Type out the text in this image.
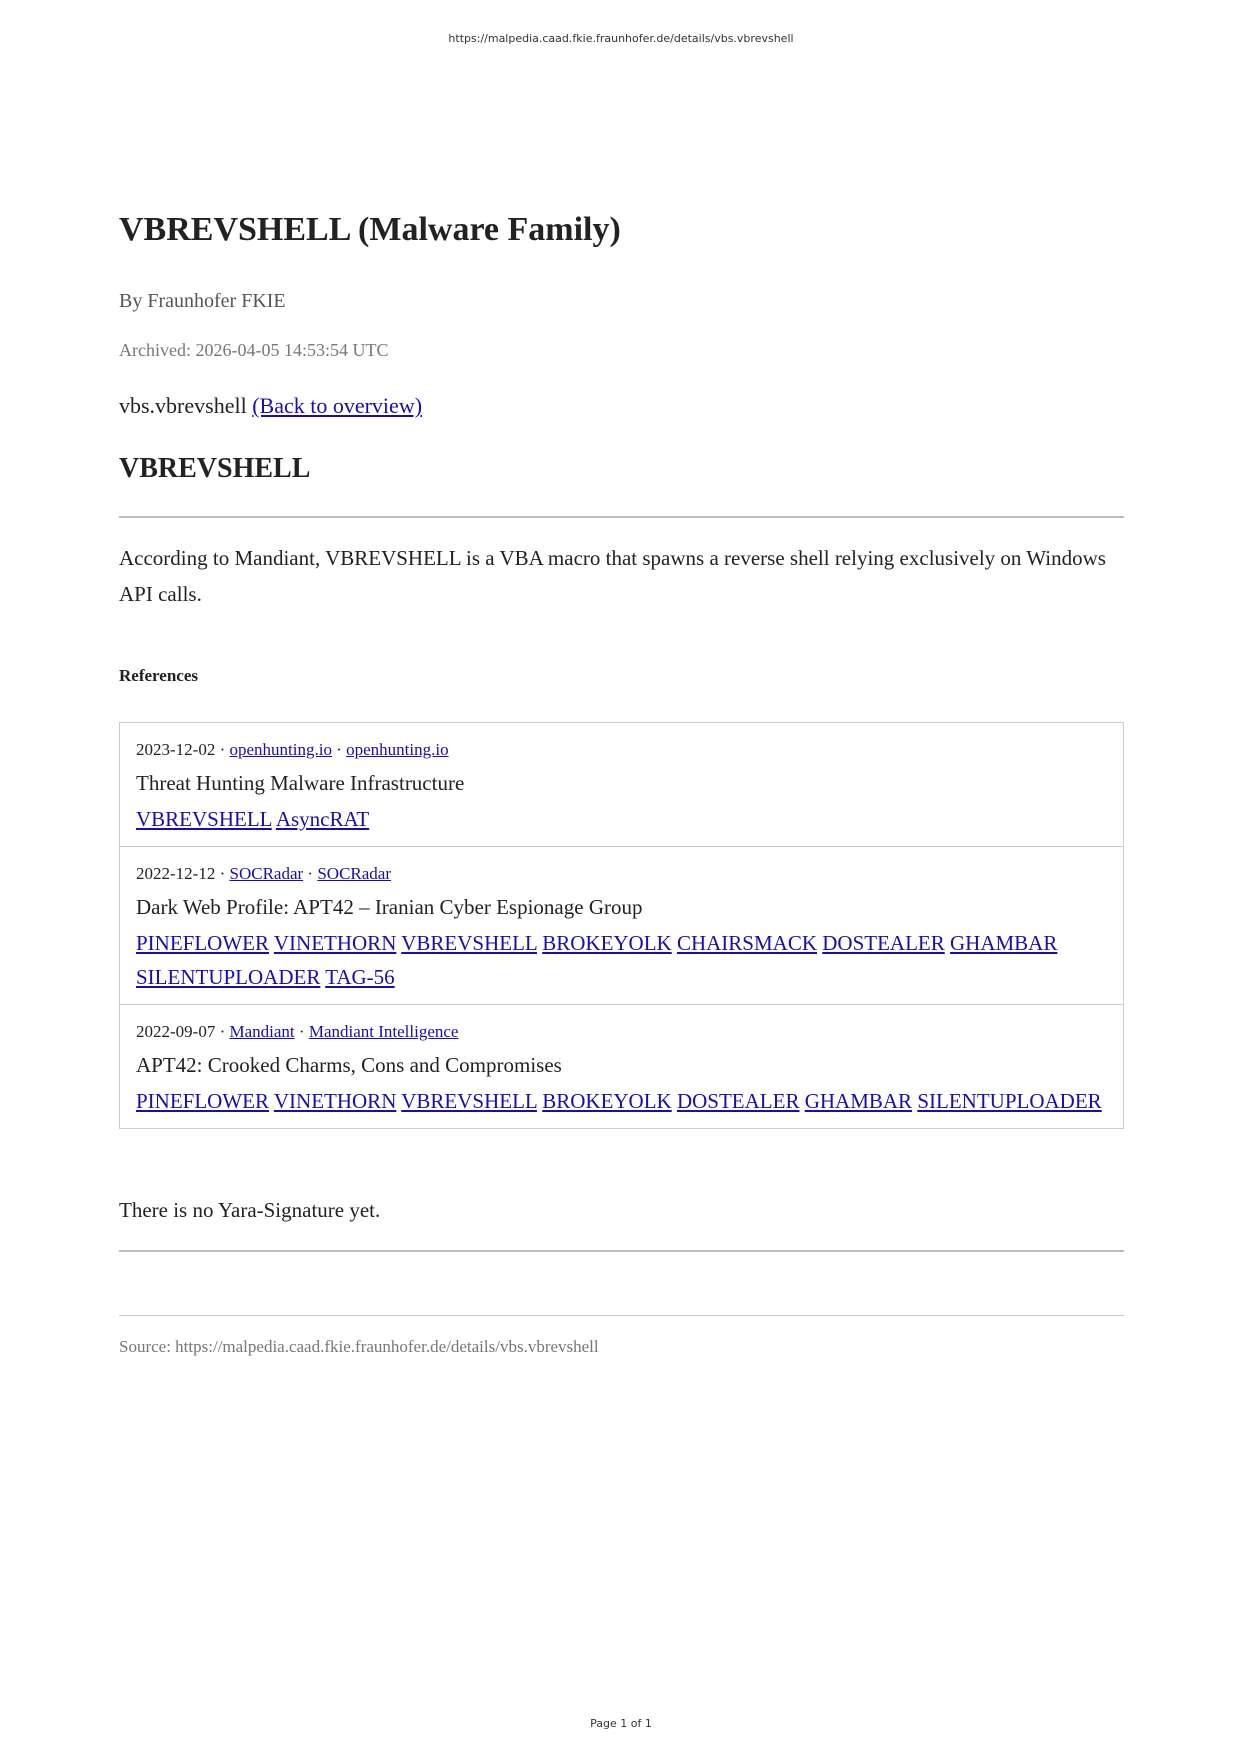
https://malpedia.caad.fkie.fraunhofer.de/details/vbs.vbrevshell
VBREVSHELL (Malware Family)
By Fraunhofer FKIE
Archived: 2026-04-05 14:53:54 UTC
vbs.vbrevshell (Back to overview)
VBREVSHELL
According to Mandiant, VBREVSHELL is a VBA macro that spawns a reverse shell relying exclusively on Windows API calls.
References
2023-12-02 · openhunting.io · openhunting.io
Threat Hunting Malware Infrastructure
VBREVSHELL AsyncRAT
2022-12-12 · SOCRadar · SOCRadar
Dark Web Profile: APT42 – Iranian Cyber Espionage Group
PINEFLOWER VINETHORN VBREVSHELL BROKEYOLK CHAIRSMACK DOSTEALER GHAMBAR SILENTUPLOADER TAG-56
2022-09-07 · Mandiant · Mandiant Intelligence
APT42: Crooked Charms, Cons and Compromises
PINEFLOWER VINETHORN VBREVSHELL BROKEYOLK DOSTEALER GHAMBAR SILENTUPLOADER
There is no Yara-Signature yet.
Source: https://malpedia.caad.fkie.fraunhofer.de/details/vbs.vbrevshell
Page 1 of 1
